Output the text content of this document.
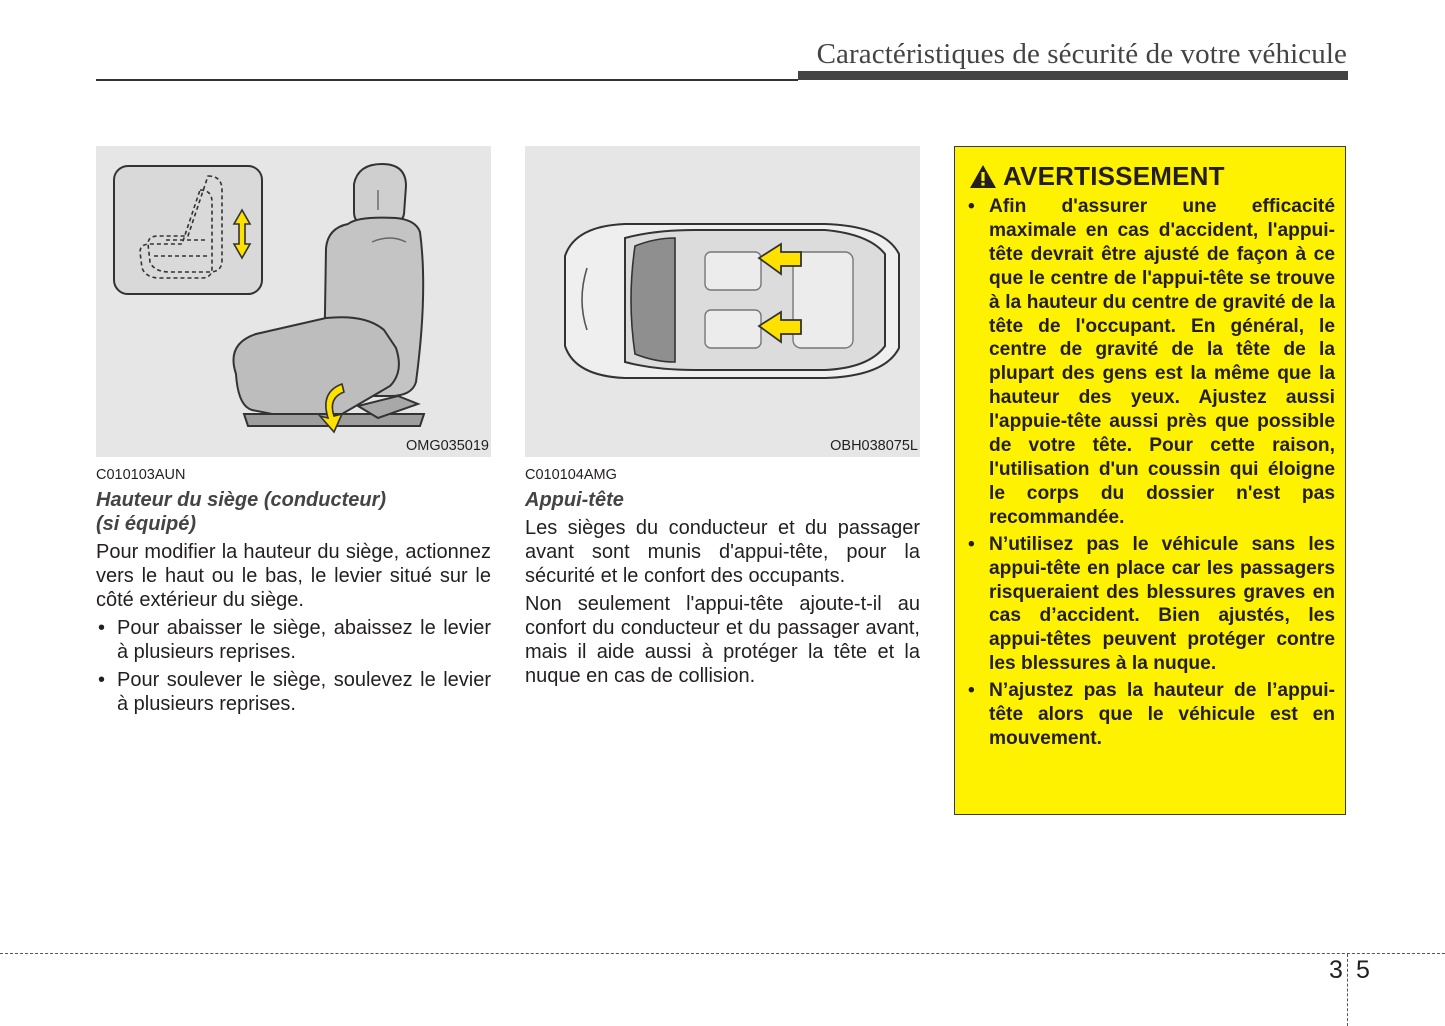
Caractéristiques de sécurité de votre véhicule
OMG035019	OBH038075L
C010103AUN
Hauteur du siège (conducteur)
(si équipé)
Pour modifier la hauteur du siège, actionnez vers le haut ou le bas, le levier situé sur le côté extérieur du siège.
• Pour abaisser le siège, abaissez le levier à plusieurs reprises.
• Pour soulever le siège, soulevez le levier à plusieurs reprises.
C010104AMG
Appui-tête
Les sièges du conducteur et du passager avant sont munis d'appui-tête, pour la sécurité et le confort des occupants.
Non seulement l'appui-tête ajoute-t-il au confort du conducteur et du passager avant, mais il aide aussi à protéger la tête et la nuque en cas de collision.
AVERTISSEMENT
• Afin d'assurer une efficacité maximale en cas d'accident, l'appui-tête devrait être ajusté de façon à ce que le centre de l'appui-tête se trouve à la hauteur du centre de gravité de la tête de l'occupant. En général, le centre de gravité de la tête de la plupart des gens est la même que la hauteur des yeux. Ajustez aussi l'appuie-tête aussi près que possible de votre tête. Pour cette raison, l'utilisation d'un coussin qui éloigne le corps du dossier n'est pas recommandée.
• N’utilisez pas le véhicule sans les appui-tête en place car les passagers risqueraient des blessures graves en cas d’accident. Bien ajustés, les appui-têtes peuvent protéger contre les blessures à la nuque.
• N’ajustez pas la hauteur de l’appui-tête alors que le véhicule est en mouvement.
3 5
